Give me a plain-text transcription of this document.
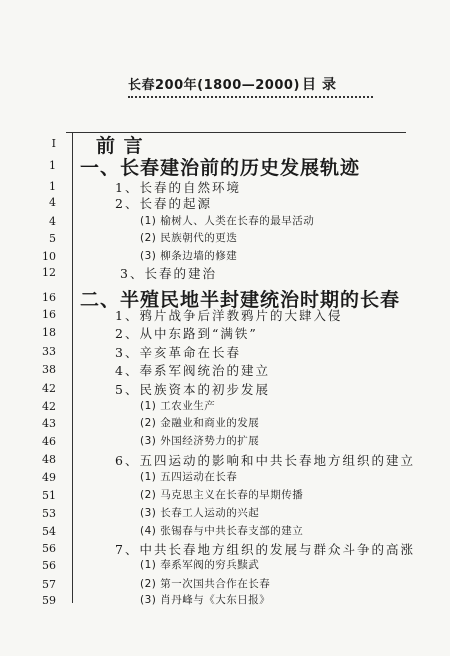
长春200年(1800—2000) 目录
Ⅰ 前 言
1 一、长春建治前的历史发展轨迹
1	1、长春的自然环境
4	2、长春的起源
4	(1) 榆树人、人类在长春的最早活动
5	(2) 民族朝代的更迭
10	(3) 柳条边墙的修建
12	3、长春的建治
16 二、半殖民地半封建统治时期的长春
16	1、鸦片战争后洋教鸦片的大肆入侵
18	2、从中东路到“满铁”
33	3、辛亥革命在长春
38	4、奉系军阀统治的建立
42	5、民族资本的初步发展
42	(1) 工农业生产
43	(2) 金融业和商业的发展
46	(3) 外国经济势力的扩展
48	6、五四运动的影响和中共长春地方组织的建立
49	(1) 五四运动在长春
51	(2) 马克思主义在长春的早期传播
53	(3) 长春工人运动的兴起
54	(4) 张锡春与中共长春支部的建立
56	7、中共长春地方组织的发展与群众斗争的高涨
56	(1) 奉系军阀的穷兵黩武
57	(2) 第一次国共合作在长春
59	(3) 肖丹峰与《大东日报》
